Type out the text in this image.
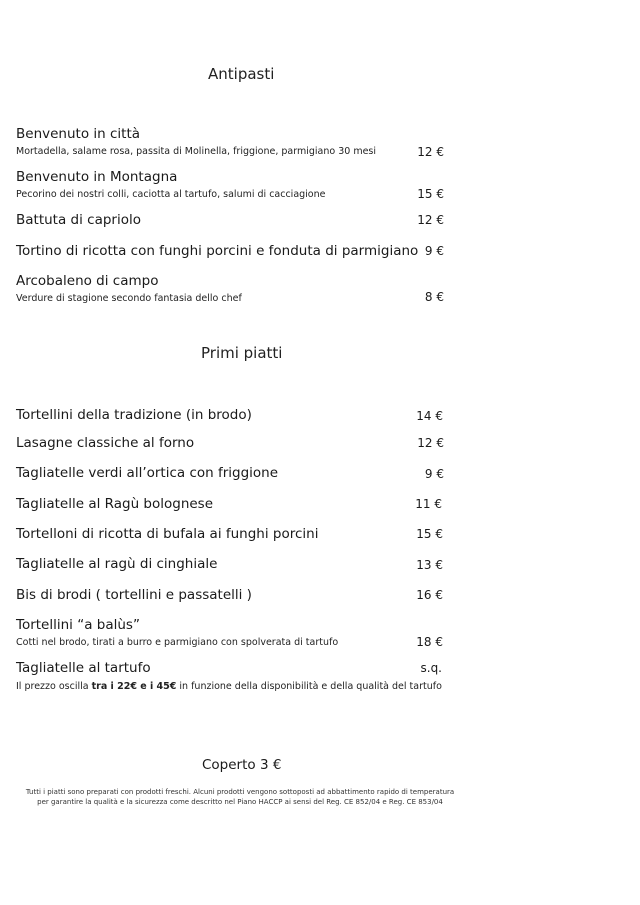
Antipasti
Benvenuto in città
Mortadella, salame rosa, passita di Molinella, friggione, parmigiano 30 mesi	12 €
Benvenuto in Montagna
Pecorino dei nostri colli, caciotta al tartufo, salumi di cacciagione	15 €
Battuta di capriolo	12 €
Tortino di ricotta con funghi porcini e fonduta di parmigiano 9 €
Arcobaleno di campo
Verdure di stagione secondo fantasia dello chef	8 €
Primi piatti
Tortellini della tradizione (in brodo)	14 €
Lasagne classiche al forno	12 €
Tagliatelle verdi all’ortica con friggione	9 €
Tagliatelle al Ragù bolognese	11 €
Tortelloni di ricotta di bufala ai funghi porcini	15 €
Tagliatelle al ragù di cinghiale	13 €
Bis di brodi ( tortellini e passatelli )	16 €
Tortellini “a balùs”
Cotti nel brodo, tirati a burro e parmigiano con spolverata di tartufo	18 €
Tagliatelle al tartufo	s.q.
Il prezzo oscilla tra i 22€ e i 45€ in funzione della disponibilità e della qualità del tartufo
Coperto 3 €
Tutti i piatti sono preparati con prodotti freschi. Alcuni prodotti vengono sottoposti ad abbattimento rapido di temperatura
per garantire la qualità e la sicurezza come descritto nel Piano HACCP ai sensi del Reg. CE 852/04 e Reg. CE 853/04
